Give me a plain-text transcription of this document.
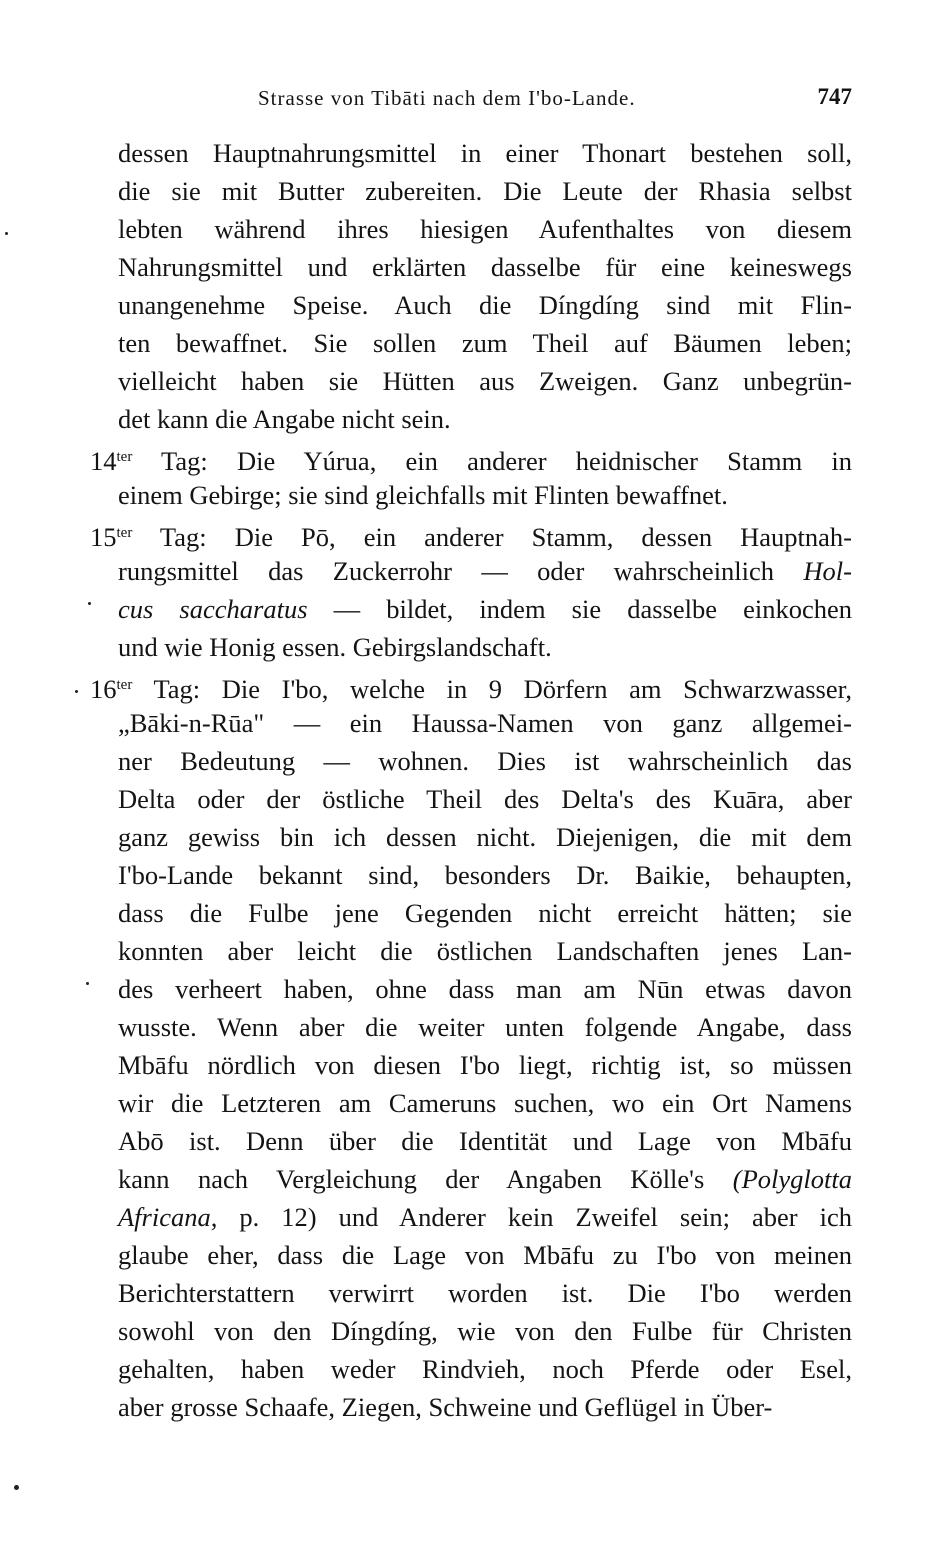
Strasse von Tibāti nach dem I'bo-Lande.	747
dessen Hauptnahrungsmittel in einer Thonart bestehen soll,
die sie mit Butter zubereiten. Die Leute der Rhasia selbst
lebten während ihres hiesigen Aufenthaltes von diesem
Nahrungsmittel und erklärten dasselbe für eine keineswegs
unangenehme Speise. Auch die Díngdíng sind mit Flin-
ten bewaffnet. Sie sollen zum Theil auf Bäumen leben;
vielleicht haben sie Hütten aus Zweigen. Ganz unbegrün-
det kann die Angabe nicht sein.
$14^{ter}$ Tag: Die Yúrua, ein anderer heidnischer Stamm in
einem Gebirge; sie sind gleichfalls mit Flinten bewaffnet.
$15^{ter}$ Tag: Die Pō, ein anderer Stamm, dessen Hauptnah-
rungsmittel das Zuckerrohr — oder wahrscheinlich Hol-
cus saccharatus — bildet, indem sie dasselbe einkochen
und wie Honig essen. Gebirgslandschaft.
$16^{ter}$ Tag: Die I'bo, welche in 9 Dörfern am Schwarzwasser,
„Bāki-n-Rūa" — ein Haussa-Namen von ganz allgemei-
ner Bedeutung — wohnen. Dies ist wahrscheinlich das
Delta oder der östliche Theil des Delta's des Kuāra, aber
ganz gewiss bin ich dessen nicht. Diejenigen, die mit dem
I'bo-Lande bekannt sind, besonders Dr. Baikie, behaupten,
dass die Fulbe jene Gegenden nicht erreicht hätten; sie
konnten aber leicht die östlichen Landschaften jenes Lan-
des verheert haben, ohne dass man am Nūn etwas davon
wusste. Wenn aber die weiter unten folgende Angabe, dass
Mbāfu nördlich von diesen I'bo liegt, richtig ist, so müssen
wir die Letzteren am Cameruns suchen, wo ein Ort Namens
Abō ist. Denn über die Identität und Lage von Mbāfu
kann nach Vergleichung der Angaben Kölle's (Polyglotta
Africana, p. 12) und Anderer kein Zweifel sein; aber ich
glaube eher, dass die Lage von Mbāfu zu I'bo von meinen
Berichterstattern verwirrt worden ist. Die I'bo werden
sowohl von den Díngdíng, wie von den Fulbe für Christen
gehalten, haben weder Rindvieh, noch Pferde oder Esel,
aber grosse Schaafe, Ziegen, Schweine und Geflügel in Über-
